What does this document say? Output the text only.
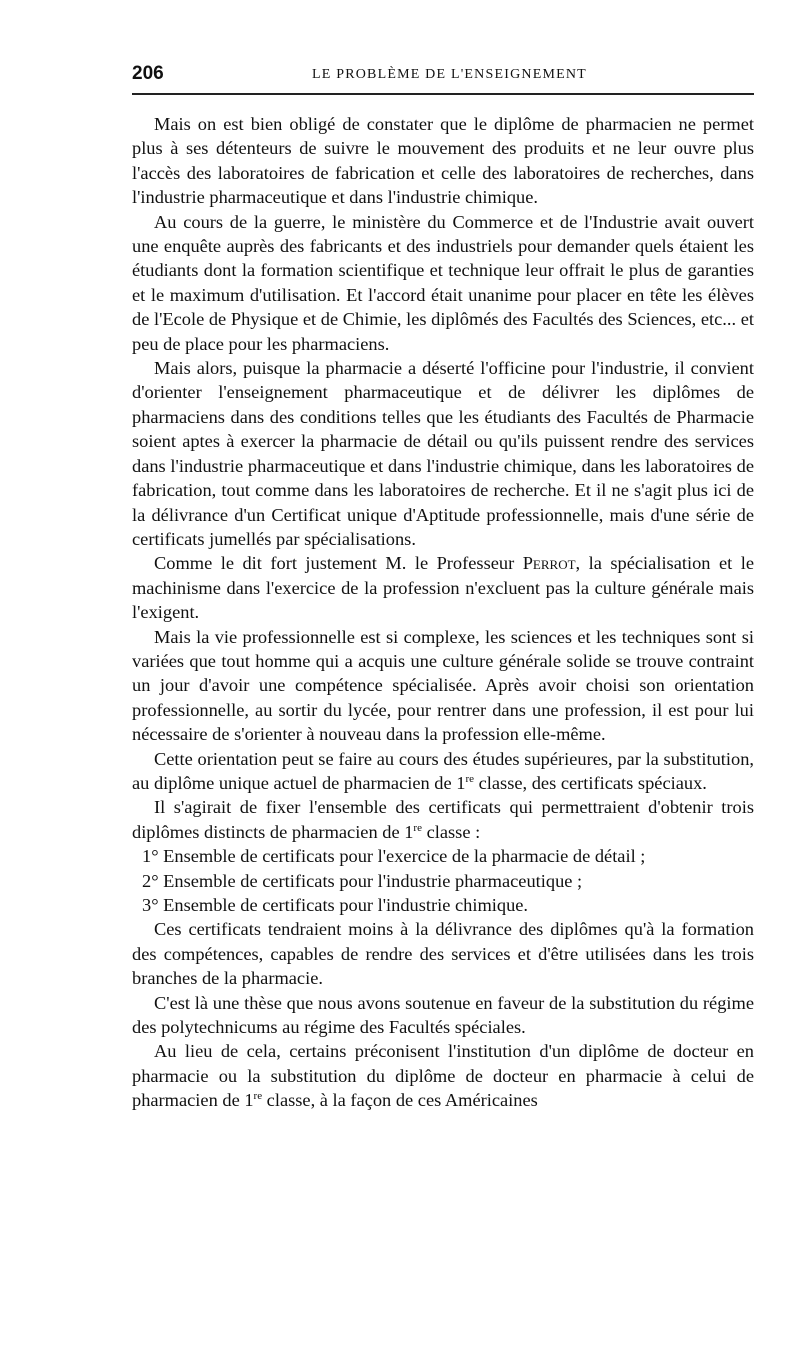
206	LE PROBLÈME DE L'ENSEIGNEMENT

Mais on est bien obligé de constater que le diplôme de pharmacien ne permet plus à ses détenteurs de suivre le mouvement des produits et ne leur ouvre plus l'accès des laboratoires de fabrication et celle des laboratoires de recherches, dans l'industrie pharmaceutique et dans l'industrie chimique.

Au cours de la guerre, le ministère du Commerce et de l'Industrie avait ouvert une enquête auprès des fabricants et des industriels pour demander quels étaient les étudiants dont la formation scientifique et technique leur offrait le plus de garanties et le maximum d'utilisation. Et l'accord était unanime pour placer en tête les élèves de l'Ecole de Physique et de Chimie, les diplômés des Facultés des Sciences, etc... et peu de place pour les pharmaciens.

Mais alors, puisque la pharmacie a déserté l'officine pour l'industrie, il convient d'orienter l'enseignement pharmaceutique et de délivrer les diplômes de pharmaciens dans des conditions telles que les étudiants des Facultés de Pharmacie soient aptes à exercer la pharmacie de détail ou qu'ils puissent rendre des services dans l'industrie pharmaceutique et dans l'industrie chimique, dans les laboratoires de fabrication, tout comme dans les laboratoires de recherche. Et il ne s'agit plus ici de la délivrance d'un Certificat unique d'Aptitude professionnelle, mais d'une série de certificats jumellés par spécialisations.

Comme le dit fort justement M. le Professeur Perrot, la spécialisation et le machinisme dans l'exercice de la profession n'excluent pas la culture générale mais l'exigent.

Mais la vie professionnelle est si complexe, les sciences et les techniques sont si variées que tout homme qui a acquis une culture générale solide se trouve contraint un jour d'avoir une compétence spécialisée. Après avoir choisi son orientation professionnelle, au sortir du lycée, pour rentrer dans une profession, il est pour lui nécessaire de s'orienter à nouveau dans la profession elle-même.

Cette orientation peut se faire au cours des études supérieures, par la substitution, au diplôme unique actuel de pharmacien de 1re classe, des certificats spéciaux.

Il s'agirait de fixer l'ensemble des certificats qui permettraient d'obtenir trois diplômes distincts de pharmacien de 1re classe :

1° Ensemble de certificats pour l'exercice de la pharmacie de détail ;

2° Ensemble de certificats pour l'industrie pharmaceutique ;

3° Ensemble de certificats pour l'industrie chimique.

Ces certificats tendraient moins à la délivrance des diplômes qu'à la formation des compétences, capables de rendre des services et d'être utilisées dans les trois branches de la pharmacie.

C'est là une thèse que nous avons soutenue en faveur de la substitution du régime des polytechnicums au régime des Facultés spéciales.

Au lieu de cela, certains préconisent l'institution d'un diplôme de docteur en pharmacie ou la substitution du diplôme de docteur en pharmacie à celui de pharmacien de 1re classe, à la façon de ces Américaines
